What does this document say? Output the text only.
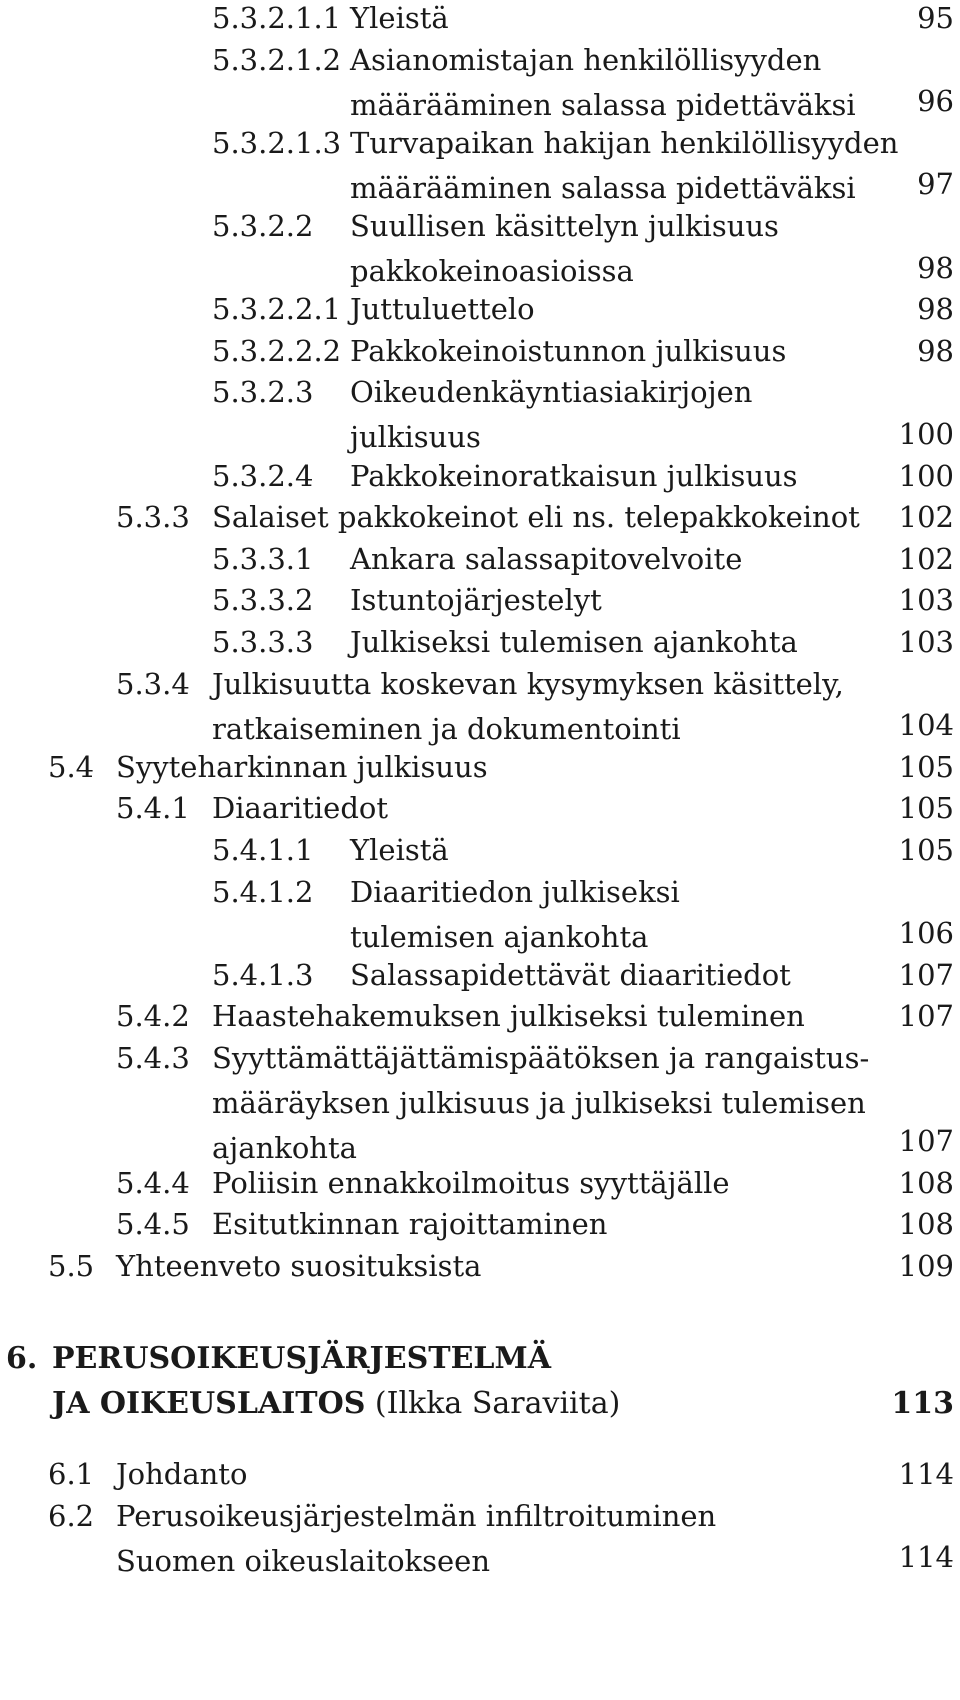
5.3.2.1.1 Yleistä	95
5.3.2.1.2 Asianomistajan henkilöllisyyden
määrääminen salassa pidettäväksi 96
5.3.2.1.3 Turvapaikan hakijan henkilöllisyyden
määrääminen salassa pidettäväksi	97
5.3.2.2 Suullisen käsittelyn julkisuus
pakkokeinoasioissa	98
5.3.2.2.1 Juttuluettelo	98
5.3.2.2.2 Pakkokeinoistunnon julkisuus	98
5.3.2.3 Oikeudenkäyntiasiakirjojen
julkisuus	100
5.3.2.4 Pakkokeinoratkaisun julkisuus	100
5.3.3 Salaiset pakkokeinot eli ns. telepakkokeinot 102
5.3.3.1 Ankara salassapitovelvoite	102
5.3.3.2 Istuntojärjestelyt	103
5.3.3.3 Julkiseksi tulemisen ajankohta	103
5.3.4 Julkisuutta koskevan kysymyksen käsittely,
ratkaiseminen ja dokumentointi	104
5.4 Syyteharkinnan julkisuus	105
5.4.1 Diaaritiedot	105
5.4.1.1 Yleistä	105
5.4.1.2 Diaaritiedon julkiseksi
tulemisen ajankohta	106
5.4.1.3 Salassapidettävät diaaritiedot	107
5.4.2 Haastehakemuksen julkiseksi tuleminen	107
5.4.3 Syyttämättäjättämispäätöksen ja rangaistus-
määräyksen julkisuus ja julkiseksi tulemisen
ajankohta	107
5.4.4 Poliisin ennakkoilmoitus syyttäjälle	108
5.4.5 Esitutkinnan rajoittaminen	108
5.5 Yhteenveto suosituksista	109
6. PERUSOIKEUSJÄRJESTELMÄ
JA OIKEUSLAITOS (Ilkka Saraviita)	113
6.1 Johdanto	114
6.2 Perusoikeusjärjestelmän infiltroituminen
Suomen oikeuslaitokseen	114
